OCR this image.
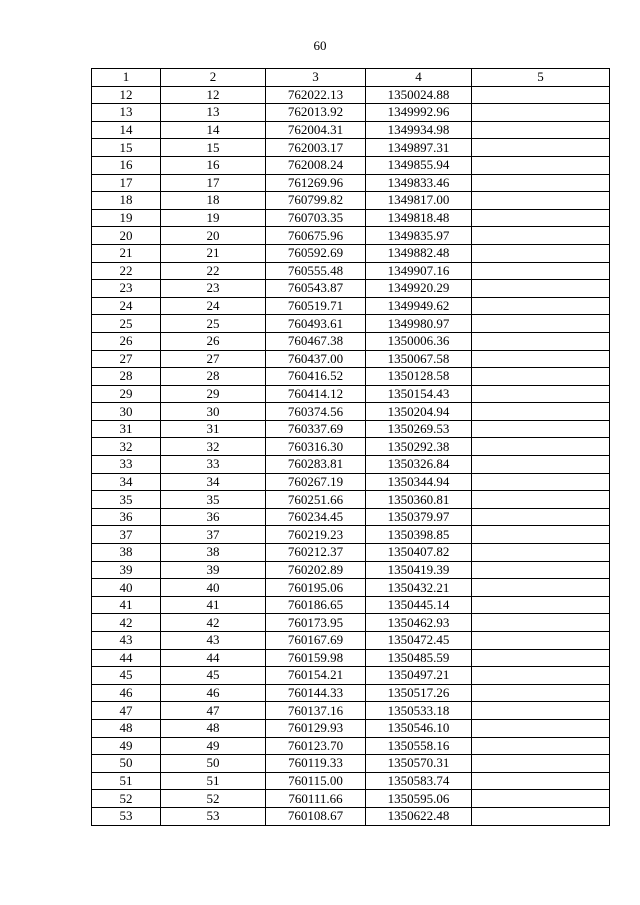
60
1	2	3	4	5
12	12	762022.13	1350024.88	
13	13	762013.92	1349992.96	
14	14	762004.31	1349934.98	
15	15	762003.17	1349897.31	
16	16	762008.24	1349855.94	
17	17	761269.96	1349833.46	
18	18	760799.82	1349817.00	
19	19	760703.35	1349818.48	
20	20	760675.96	1349835.97	
21	21	760592.69	1349882.48	
22	22	760555.48	1349907.16	
23	23	760543.87	1349920.29	
24	24	760519.71	1349949.62	
25	25	760493.61	1349980.97	
26	26	760467.38	1350006.36	
27	27	760437.00	1350067.58	
28	28	760416.52	1350128.58	
29	29	760414.12	1350154.43	
30	30	760374.56	1350204.94	
31	31	760337.69	1350269.53	
32	32	760316.30	1350292.38	
33	33	760283.81	1350326.84	
34	34	760267.19	1350344.94	
35	35	760251.66	1350360.81	
36	36	760234.45	1350379.97	
37	37	760219.23	1350398.85	
38	38	760212.37	1350407.82	
39	39	760202.89	1350419.39	
40	40	760195.06	1350432.21	
41	41	760186.65	1350445.14	
42	42	760173.95	1350462.93	
43	43	760167.69	1350472.45	
44	44	760159.98	1350485.59	
45	45	760154.21	1350497.21	
46	46	760144.33	1350517.26	
47	47	760137.16	1350533.18	
48	48	760129.93	1350546.10	
49	49	760123.70	1350558.16	
50	50	760119.33	1350570.31	
51	51	760115.00	1350583.74	
52	52	760111.66	1350595.06	
53	53	760108.67	1350622.48	
